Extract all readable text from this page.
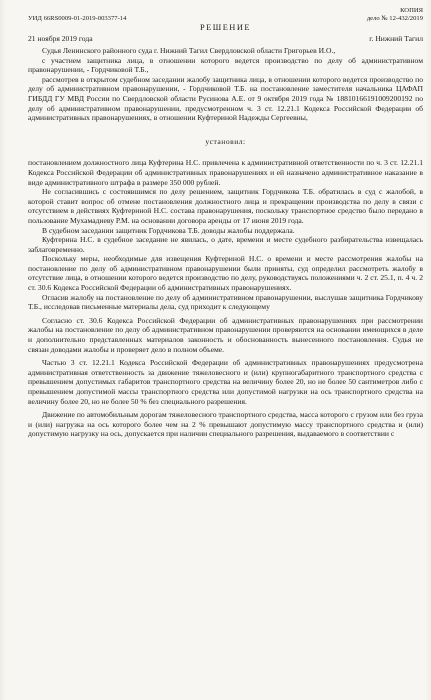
КОПИЯ
УИД 66RS0009-01-2019-003377-14	дело № 12-432/2019
РЕШЕНИЕ
21 ноября 2019 года	г. Нижний Тагил

Судья Ленинского районного суда г. Нижний Тагил Свердловской области Григорьев И.О.,

с участием защитника лица, в отношении которого ведется производство по делу об административном правонарушении, - Гордчиковой Т.Б.,

рассмотрев в открытом судебном заседании жалобу защитника лица, в отношении которого ведется производство по делу об административном правонарушении, - Гордчиковой Т.Б. на постановление заместителя начальника ЦАФАП ГИБДД ГУ МВД России по Свердловской области Русинова А.Е. от 9 октября 2019 года № 18810166191009200192 по делу об административном правонарушении, предусмотренном ч. 3 ст. 12.21.1 Кодекса Российской Федерации об административных правонарушениях, в отношении Куфтериной Надежды Сергеевны,

установил:

постановлением должностного лица Куфтерина Н.С. привлечена к административной ответственности по ч. 3 ст. 12.21.1 Кодекса Российской Федерации об административных правонарушениях и ей назначено административное наказание в виде административного штрафа в размере 350 000 рублей.

Не согласившись с состоявшимся по делу решением, защитник Гордчикова Т.Б. обратилась в суд с жалобой, в которой ставит вопрос об отмене постановления должностного лица и прекращении производства по делу в связи с отсутствием в действиях Куфтериной Н.С. состава правонарушения, поскольку транспортное средство было передано в пользование Мухамадиеву Р.М. на основании договора аренды от 17 июня 2019 года.

В судебном заседании защитник Гордчикова Т.Б. доводы жалобы поддержала.

Куфтерина Н.С. в судебное заседание не явилась, о дате, времени и месте судебного разбирательства извещалась заблаговременно.

Поскольку меры, необходимые для извещения Куфтериной Н.С. о времени и месте рассмотрения жалобы на постановление по делу об административном правонарушении были приняты, суд определил рассмотреть жалобу в отсутствие лица, в отношении которого ведется производство по делу, руководствуясь положениями ч. 2 ст. 25.1, п. 4 ч. 2 ст. 30.6 Кодекса Российской Федерации об административных правонарушениях.

Огласив жалобу на постановление по делу об административном правонарушении, выслушав защитника Гордчикову Т.Б., исследовав письменные материалы дела, суд приходит к следующему

Согласно ст. 30.6 Кодекса Российской Федерации об административных правонарушениях при рассмотрении жалобы на постановление по делу об административном правонарушении проверяются на основании имеющихся в деле и дополнительно представленных материалов законность и обоснованность вынесенного постановления. Судья не связан доводами жалобы и проверяет дело в полном объеме.

Частью 3 ст. 12.21.1 Кодекса Российской Федерации об административных правонарушениях предусмотрена административная ответственность за движение тяжеловесного и (или) крупногабаритного транспортного средства с превышением допустимых габаритов транспортного средства на величину более 20, но не более 50 сантиметров либо с превышением допустимой массы транспортного средства или допустимой нагрузки на ось транспортного средства на величину более 20, но не более 50 % без специального разрешения.

Движение по автомобильным дорогам тяжеловесного транспортного средства, масса которого с грузом или без груза и (или) нагрузка на ось которого более чем на 2 % превышают допустимую массу транспортного средства и (или) допустимую нагрузку на ось, допускается при наличии специального разрешения, выдаваемого в соответствии с
